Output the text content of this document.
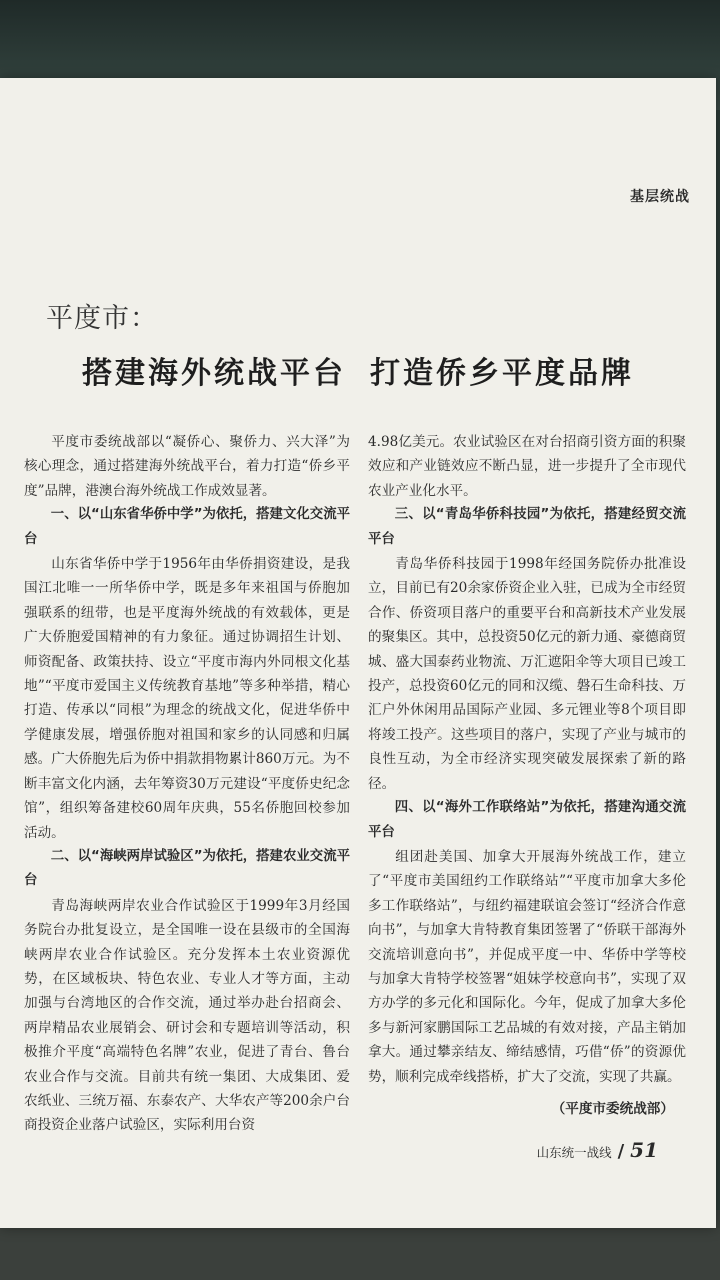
基层统战
平度市：
搭建海外统战平台 打造侨乡平度品牌

平度市委统战部以“凝侨心、聚侨力、兴大泽”为核心理念，通过搭建海外统战平台，着力打造“侨乡平度”品牌，港澳台海外统战工作成效显著。

一、以“山东省华侨中学”为依托，搭建文化交流平台

山东省华侨中学于1956年由华侨捐资建设，是我国江北唯一一所华侨中学，既是多年来祖国与侨胞加强联系的纽带，也是平度海外统战的有效载体，更是广大侨胞爱国精神的有力象征。通过协调招生计划、师资配备、政策扶持、设立“平度市海内外同根文化基地”“平度市爱国主义传统教育基地”等多种举措，精心打造、传承以“同根”为理念的统战文化，促进华侨中学健康发展，增强侨胞对祖国和家乡的认同感和归属感。广大侨胞先后为侨中捐款捐物累计860万元。为不断丰富文化内涵，去年筹资30万元建设“平度侨史纪念馆”，组织筹备建校60周年庆典，55名侨胞回校参加活动。

二、以“海峡两岸试验区”为依托，搭建农业交流平台

青岛海峡两岸农业合作试验区于1999年3月经国务院台办批复设立，是全国唯一设在县级市的全国海峡两岸农业合作试验区。充分发挥本土农业资源优势，在区域板块、特色农业、专业人才等方面，主动加强与台湾地区的合作交流，通过举办赴台招商会、两岸精品农业展销会、研讨会和专题培训等活动，积极推介平度“高端特色名牌”农业，促进了青台、鲁台农业合作与交流。目前共有统一集团、大成集团、爱农纸业、三统万福、东泰农产、大华农产等200余户台商投资企业落户试验区，实际利用台资

4.98亿美元。农业试验区在对台招商引资方面的积聚效应和产业链效应不断凸显，进一步提升了全市现代农业产业化水平。

三、以“青岛华侨科技园”为依托，搭建经贸交流平台

青岛华侨科技园于1998年经国务院侨办批准设立，目前已有20余家侨资企业入驻，已成为全市经贸合作、侨资项目落户的重要平台和高新技术产业发展的聚集区。其中，总投资50亿元的新力通、豪德商贸城、盛大国泰药业物流、万汇遮阳伞等大项目已竣工投产，总投资60亿元的同和汉缆、磐石生命科技、万汇户外休闲用品国际产业园、多元锂业等8个项目即将竣工投产。这些项目的落户，实现了产业与城市的良性互动，为全市经济实现突破发展探索了新的路径。

四、以“海外工作联络站”为依托，搭建沟通交流平台

组团赴美国、加拿大开展海外统战工作，建立了“平度市美国纽约工作联络站”“平度市加拿大多伦多工作联络站”，与纽约福建联谊会签订“经济合作意向书”，与加拿大肯特教育集团签署了“侨联干部海外交流培训意向书”，并促成平度一中、华侨中学等校与加拿大肯特学校签署“姐妹学校意向书”，实现了双方办学的多元化和国际化。今年，促成了加拿大多伦多与新河家鹏国际工艺品城的有效对接，产品主销加拿大。通过攀亲结友、缔结感情，巧借“侨”的资源优势，顺利完成牵线搭桥，扩大了交流，实现了共赢。

（平度市委统战部）

山东统一战线 / 51
